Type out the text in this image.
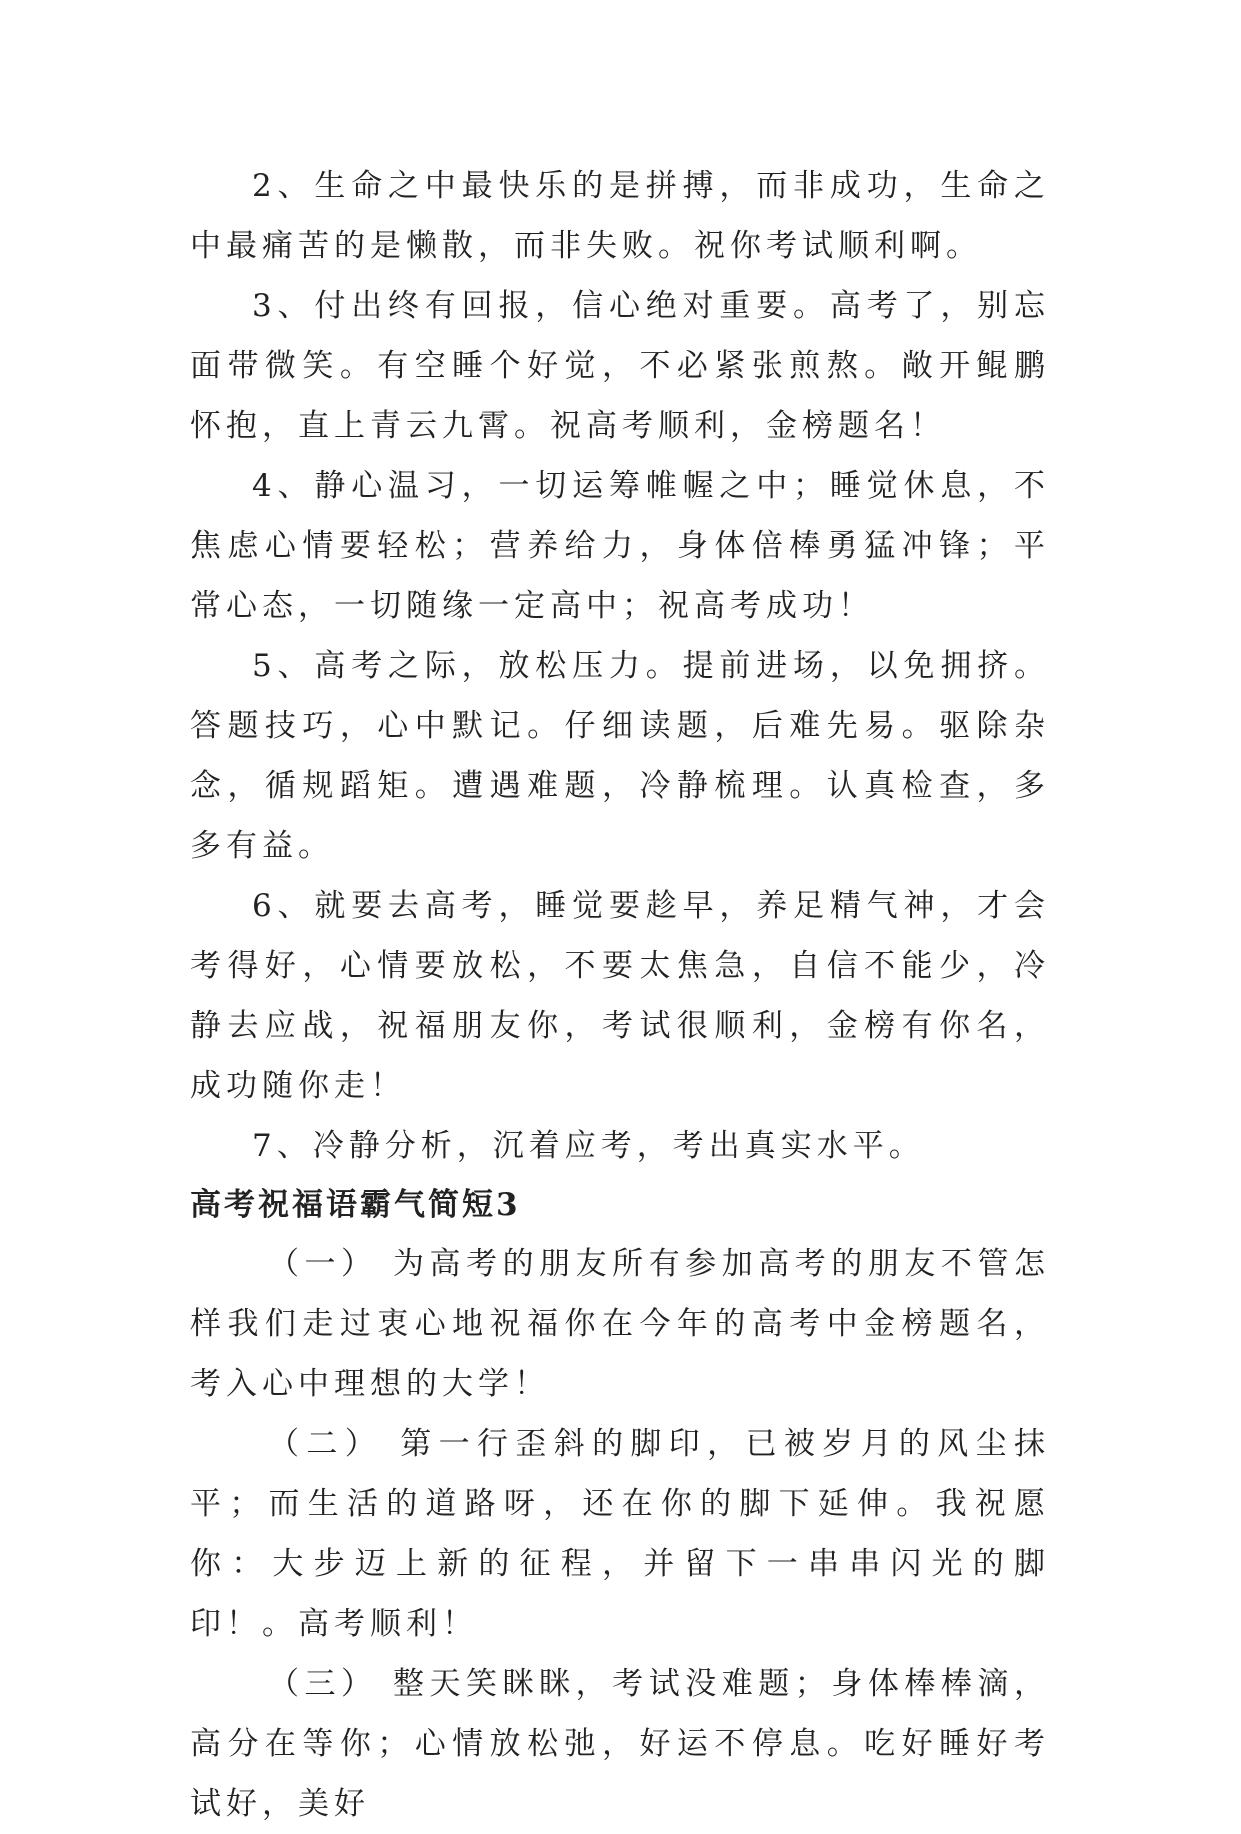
2、生命之中最快乐的是拼搏，而非成功，生命之中最痛苦的是懒散，而非失败。祝你考试顺利啊。

3、付出终有回报，信心绝对重要。高考了，别忘面带微笑。有空睡个好觉，不必紧张煎熬。敞开鲲鹏怀抱，直上青云九霄。祝高考顺利，金榜题名！

4、静心温习，一切运筹帷幄之中；睡觉休息，不焦虑心情要轻松；营养给力，身体倍棒勇猛冲锋；平常心态，一切随缘一定高中；祝高考成功！

5、高考之际，放松压力。提前进场，以免拥挤。答题技巧，心中默记。仔细读题，后难先易。驱除杂念，循规蹈矩。遭遇难题，冷静梳理。认真检查，多多有益。

6、就要去高考，睡觉要趁早，养足精气神，才会考得好，心情要放松，不要太焦急，自信不能少，冷静去应战，祝福朋友你，考试很顺利，金榜有你名，成功随你走！

7、冷静分析，沉着应考，考出真实水平。

高考祝福语霸气简短3

（一） 为高考的朋友所有参加高考的朋友不管怎样我们走过衷心地祝福你在今年的高考中金榜题名，考入心中理想的大学！

（二） 第一行歪斜的脚印，已被岁月的风尘抹平；而生活的道路呀，还在你的脚下延伸。我祝愿你：大步迈上新的征程，并留下一串串闪光的脚印！。高考顺利！

（三） 整天笑眯眯，考试没难题；身体棒棒滴，高分在等你；心情放松弛，好运不停息。吃好睡好考试好，美好
